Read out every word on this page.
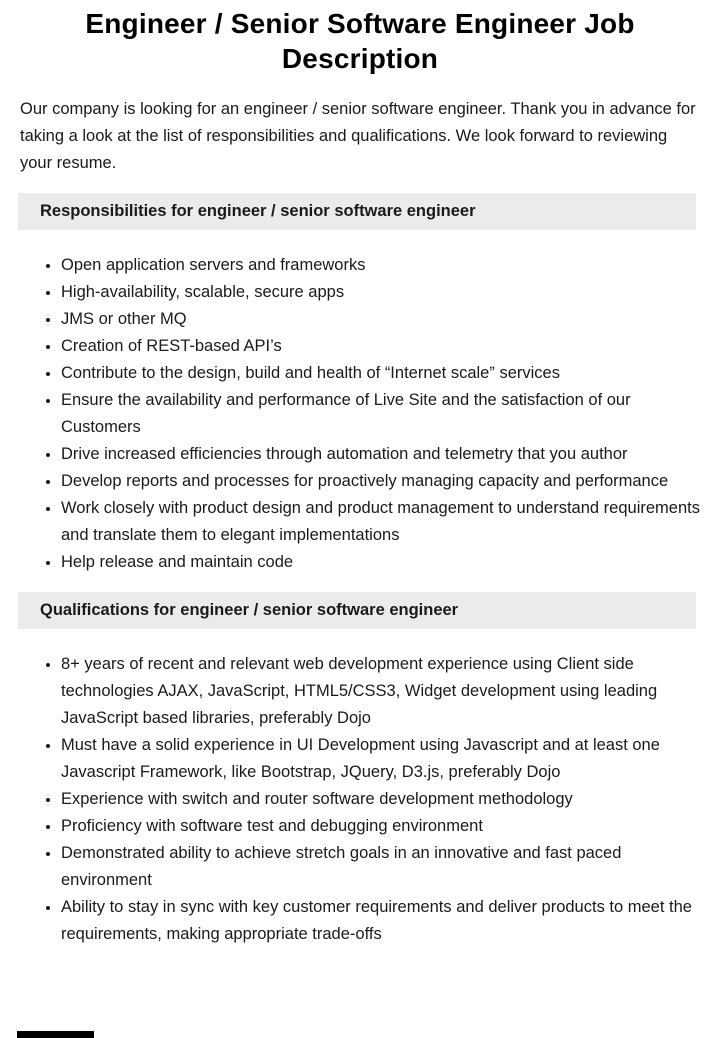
Engineer / Senior Software Engineer Job Description

Our company is looking for an engineer / senior software engineer. Thank you in advance for taking a look at the list of responsibilities and qualifications. We look forward to reviewing your resume.

Responsibilities for engineer / senior software engineer
• Open application servers and frameworks
• High-availability, scalable, secure apps
• JMS or other MQ
• Creation of REST-based API’s
• Contribute to the design, build and health of “Internet scale” services
• Ensure the availability and performance of Live Site and the satisfaction of our Customers
• Drive increased efficiencies through automation and telemetry that you author
• Develop reports and processes for proactively managing capacity and performance
• Work closely with product design and product management to understand requirements and translate them to elegant implementations
• Help release and maintain code
Qualifications for engineer / senior software engineer
• 8+ years of recent and relevant web development experience using Client side technologies AJAX, JavaScript, HTML5/CSS3, Widget development using leading JavaScript based libraries, preferably Dojo
• Must have a solid experience in UI Development using Javascript and at least one Javascript Framework, like Bootstrap, JQuery, D3.js, preferably Dojo
• Experience with switch and router software development methodology
• Proficiency with software test and debugging environment
• Demonstrated ability to achieve stretch goals in an innovative and fast paced environment
• Ability to stay in sync with key customer requirements and deliver products to meet the requirements, making appropriate trade-offs
